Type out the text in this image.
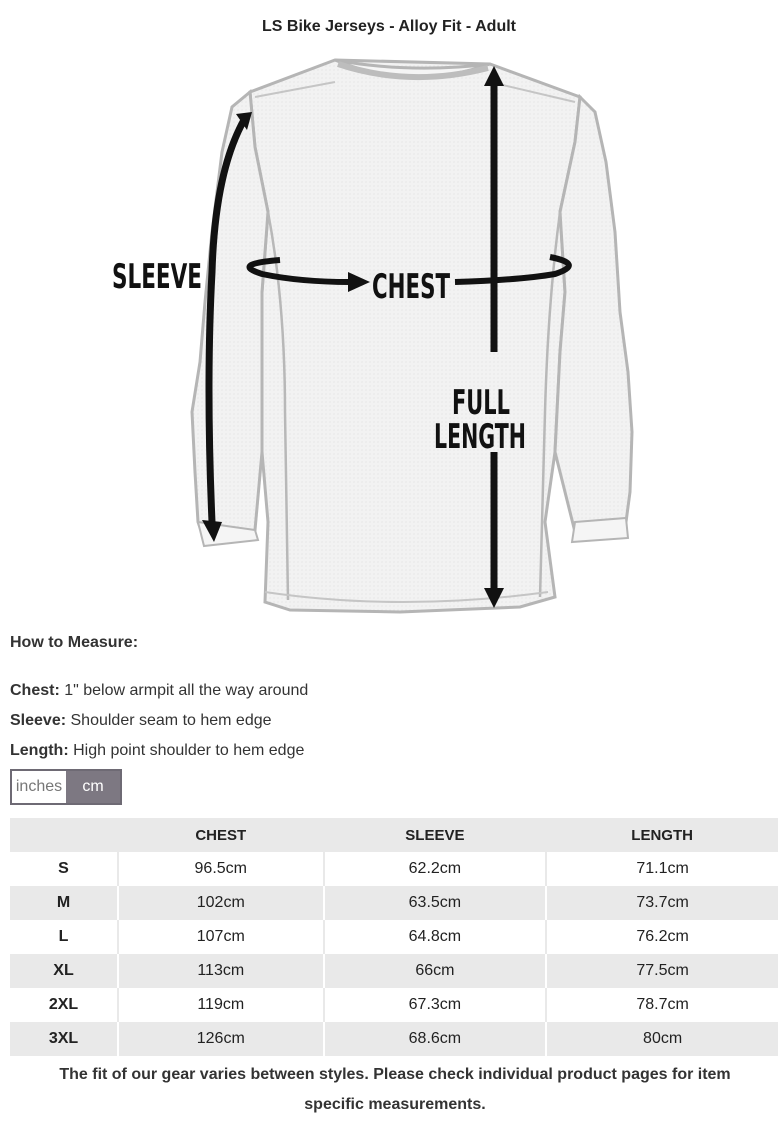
LS Bike Jerseys - Alloy Fit - Adult
SLEEVE	CHEST
FULL
LENGTH
How to Measure:
Chest: 1" below armpit all the way around
Sleeve: Shoulder seam to hem edge
Length: High point shoulder to hem edge
inches	cm
	CHEST	SLEEVE	LENGTH
S	96.5cm	62.2cm	71.1cm
M	102cm	63.5cm	73.7cm
L	107cm	64.8cm	76.2cm
XL	113cm	66cm	77.5cm
2XL	119cm	67.3cm	78.7cm
3XL	126cm	68.6cm	80cm
The fit of our gear varies between styles. Please check individual product pages for item specific measurements.
